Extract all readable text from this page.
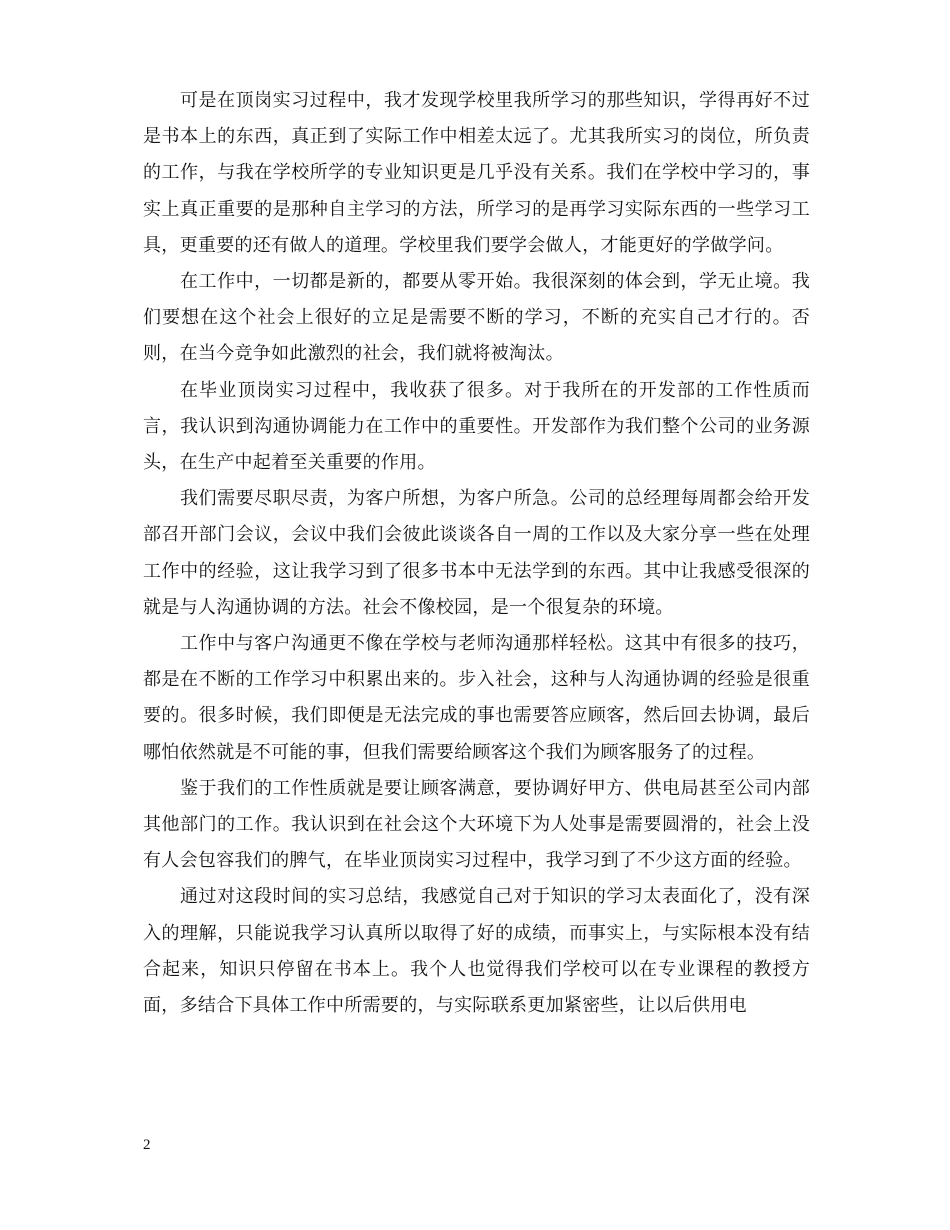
可是在顶岗实习过程中，我才发现学校里我所学习的那些知识，学得再好不过是书本上的东西，真正到了实际工作中相差太远了。尤其我所实习的岗位，所负责的工作，与我在学校所学的专业知识更是几乎没有关系。我们在学校中学习的，事实上真正重要的是那种自主学习的方法，所学习的是再学习实际东西的一些学习工具，更重要的还有做人的道理。学校里我们要学会做人，才能更好的学做学问。

在工作中，一切都是新的，都要从零开始。我很深刻的体会到，学无止境。我们要想在这个社会上很好的立足是需要不断的学习，不断的充实自己才行的。否则，在当今竞争如此激烈的社会，我们就将被淘汰。

在毕业顶岗实习过程中，我收获了很多。对于我所在的开发部的工作性质而言，我认识到沟通协调能力在工作中的重要性。开发部作为我们整个公司的业务源头，在生产中起着至关重要的作用。

我们需要尽职尽责，为客户所想，为客户所急。公司的总经理每周都会给开发部召开部门会议，会议中我们会彼此谈谈各自一周的工作以及大家分享一些在处理工作中的经验，这让我学习到了很多书本中无法学到的东西。其中让我感受很深的就是与人沟通协调的方法。社会不像校园，是一个很复杂的环境。

工作中与客户沟通更不像在学校与老师沟通那样轻松。这其中有很多的技巧，都是在不断的工作学习中积累出来的。步入社会，这种与人沟通协调的经验是很重要的。很多时候，我们即便是无法完成的事也需要答应顾客，然后回去协调，最后哪怕依然就是不可能的事，但我们需要给顾客这个我们为顾客服务了的过程。

鉴于我们的工作性质就是要让顾客满意，要协调好甲方、供电局甚至公司内部其他部门的工作。我认识到在社会这个大环境下为人处事是需要圆滑的，社会上没有人会包容我们的脾气，在毕业顶岗实习过程中，我学习到了不少这方面的经验。

通过对这段时间的实习总结，我感觉自己对于知识的学习太表面化了，没有深入的理解，只能说我学习认真所以取得了好的成绩，而事实上，与实际根本没有结合起来，知识只停留在书本上。我个人也觉得我们学校可以在专业课程的教授方面，多结合下具体工作中所需要的，与实际联系更加紧密些，让以后供用电

2
